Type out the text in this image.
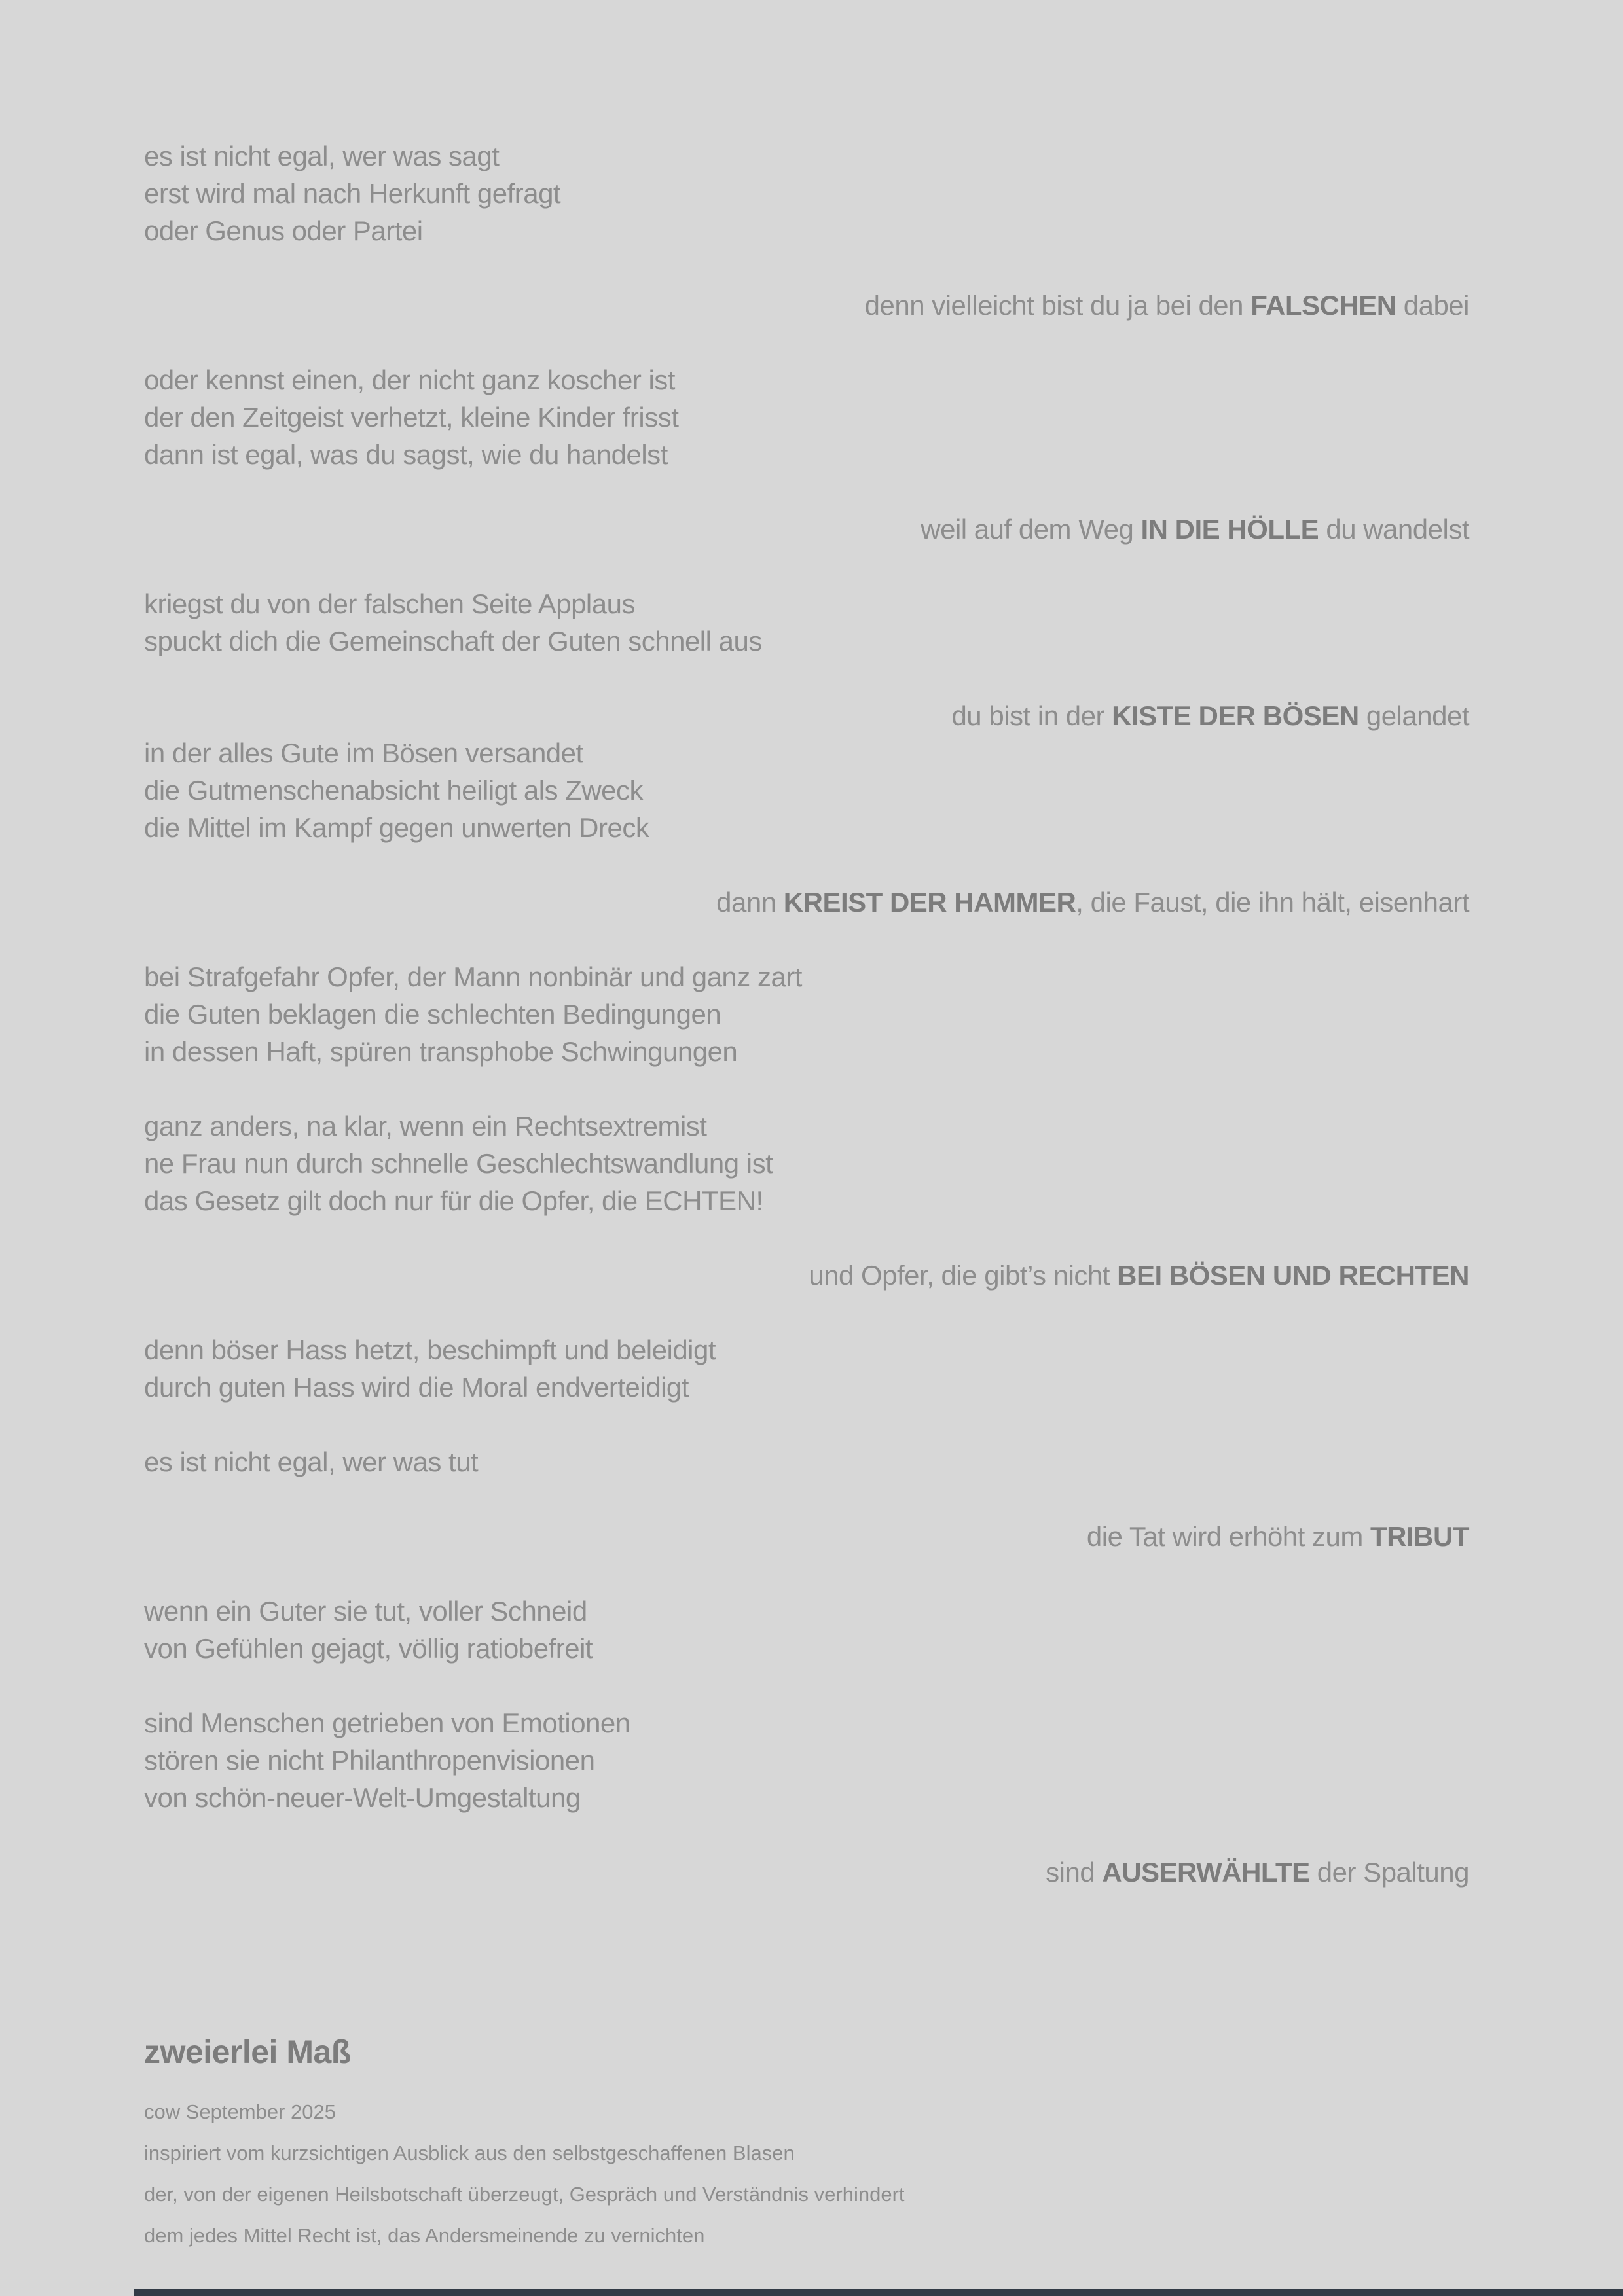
es ist nicht egal, wer was sagt
erst wird mal nach Herkunft gefragt
oder Genus oder Partei
denn vielleicht bist du ja bei den FALSCHEN dabei
oder kennst einen, der nicht ganz koscher ist
der den Zeitgeist verhetzt, kleine Kinder frisst
dann ist egal, was du sagst, wie du handelst
weil auf dem Weg IN DIE HÖLLE du wandelst
kriegst du von der falschen Seite Applaus
spuckt dich die Gemeinschaft der Guten schnell aus
du bist in der KISTE DER BÖSEN gelandet
in der alles Gute im Bösen versandet
die Gutmenschenabsicht heiligt als Zweck
die Mittel im Kampf gegen unwerten Dreck
dann KREIST DER HAMMER, die Faust, die ihn hält, eisenhart
bei Strafgefahr Opfer, der Mann nonbinär und ganz zart
die Guten beklagen die schlechten Bedingungen
in dessen Haft, spüren transphobe Schwingungen
ganz anders, na klar, wenn ein Rechtsextremist
ne Frau nun durch schnelle Geschlechtswandlung ist
das Gesetz gilt doch nur für die Opfer, die ECHTEN!
und Opfer, die gibt’s nicht BEI BÖSEN UND RECHTEN
denn böser Hass hetzt, beschimpft und beleidigt
durch guten Hass wird die Moral endverteidigt
es ist nicht egal, wer was tut
die Tat wird erhöht zum TRIBUT
wenn ein Guter sie tut, voller Schneid
von Gefühlen gejagt, völlig ratiobefreit
sind Menschen getrieben von Emotionen
stören sie nicht Philanthropenvisionen
von schön-neuer-Welt-Umgestaltung
sind AUSERWÄHLTE der Spaltung
zweierlei Maß
cow September 2025
inspiriert vom kurzsichtigen Ausblick aus den selbstgeschaffenen Blasen
der, von der eigenen Heilsbotschaft überzeugt, Gespräch und Verständnis verhindert
dem jedes Mittel Recht ist, das Andersmeinende zu vernichten
